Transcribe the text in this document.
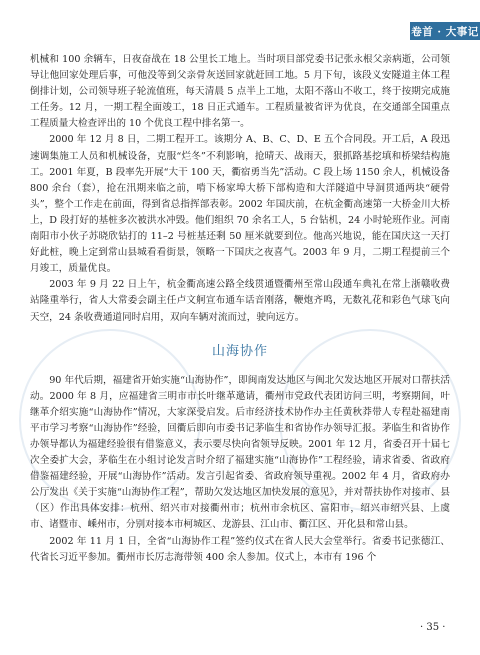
卷首 · 大事记

机械和 100 余辆车，日夜奋战在 18 公里长工地上。当时项目部党委书记张永根父亲病逝，公司领导让他回家处理后事，可他没等到父亲骨灰送回家就赶回工地。5 月下旬，该段义安隧道主体工程倒排计划，公司领导班子轮流值班，每天清晨 5 点半上工地，太阳不落山不收工，终于按期完成施工任务。12 月，一期工程全面竣工，18 日正式通车。工程质量被省评为优良，在交通部全国重点工程质量大检查评出的 10 个优良工程中排名第一。

2000 年 12 月 8 日，二期工程开工。该期分 A、B、C、D、E 五个合同段。开工后，A 段迅速调集施工人员和机械设备，克服“烂冬”不利影响，抢晴天、战雨天，狠抓路基挖填和桥梁结构施工。2001 年夏，B 段率先开展“大干 100 天，衢宿勇当先”活动。C 段上场 1150 余人，机械设备 800 余台（套），抢在汛期来临之前，啃下杨家埠大桥下部构造和大洋隧道中导洞贯通两块“硬骨头”，整个工作走在前面，得到省总指挥部表彰。2002 年国庆前，在杭金衢高速第一大桥金川大桥上，D 段打好的基桩多次被洪水冲毁。他们组织 70 余名工人，5 台钻机，24 小时轮班作业。河南南阳市小伙子苏晓欣钻打的 11–2 号桩基还剩 50 厘米就要到位。他高兴地说，能在国庆这一天打好此桩，晚上定到常山县城看看街景，领略一下国庆之夜喜气。2003 年 9 月，二期工程提前三个月竣工，质量优良。

2003 年 9 月 22 日上午，杭金衢高速公路全线贯通暨衢州至常山段通车典礼在常上浙赣收费站隆重举行，省人大常委会副主任卢文舸宣布通车话音刚落，鞭炮齐鸣，无数礼花和彩色气球飞向天空，24 条收费通道同时启用，双向车辆对流而过，驶向远方。

山海协作

90 年代后期，福建省开始实施“山海协作”，即闽南发达地区与闽北欠发达地区开展对口帮扶活动。2000 年 8 月，应福建省三明市市长叶继革邀请，衢州市党政代表团访问三明，考察期间，叶继革介绍实施“山海协作”情况，大家深受启发。后市经济技术协作办主任黄秋莽带人专程赴福建南平市学习考察“山海协作”经验，回衢后即向市委书记茅临生和省协作办领导汇报。茅临生和省协作办领导都认为福建经验很有借鉴意义，表示要尽快向省领导反映。2001 年 12 月，省委召开十届七次全委扩大会，茅临生在小组讨论发言时介绍了福建实施“山海协作”工程经验，请求省委、省政府借鉴福建经验，开展“山海协作”活动。发言引起省委、省政府领导重视。2002 年 4 月，省政府办公厅发出《关于实施“山海协作工程”，帮助欠发达地区加快发展的意见》，并对帮扶协作对接市、县（区）作出具体安排：杭州、绍兴市对接衢州市；杭州市余杭区、富阳市，绍兴市绍兴县、上虞市、诸暨市、嵊州市，分别对接本市柯城区、龙游县、江山市、衢江区、开化县和常山县。

2002 年 11 月 1 日，全省“山海协作工程”签约仪式在省人民大会堂举行。省委书记张德江、代省长习近平参加。衢州市长厉志海带领 400 余人参加。仪式上，本市有 196 个

· 35 ·
